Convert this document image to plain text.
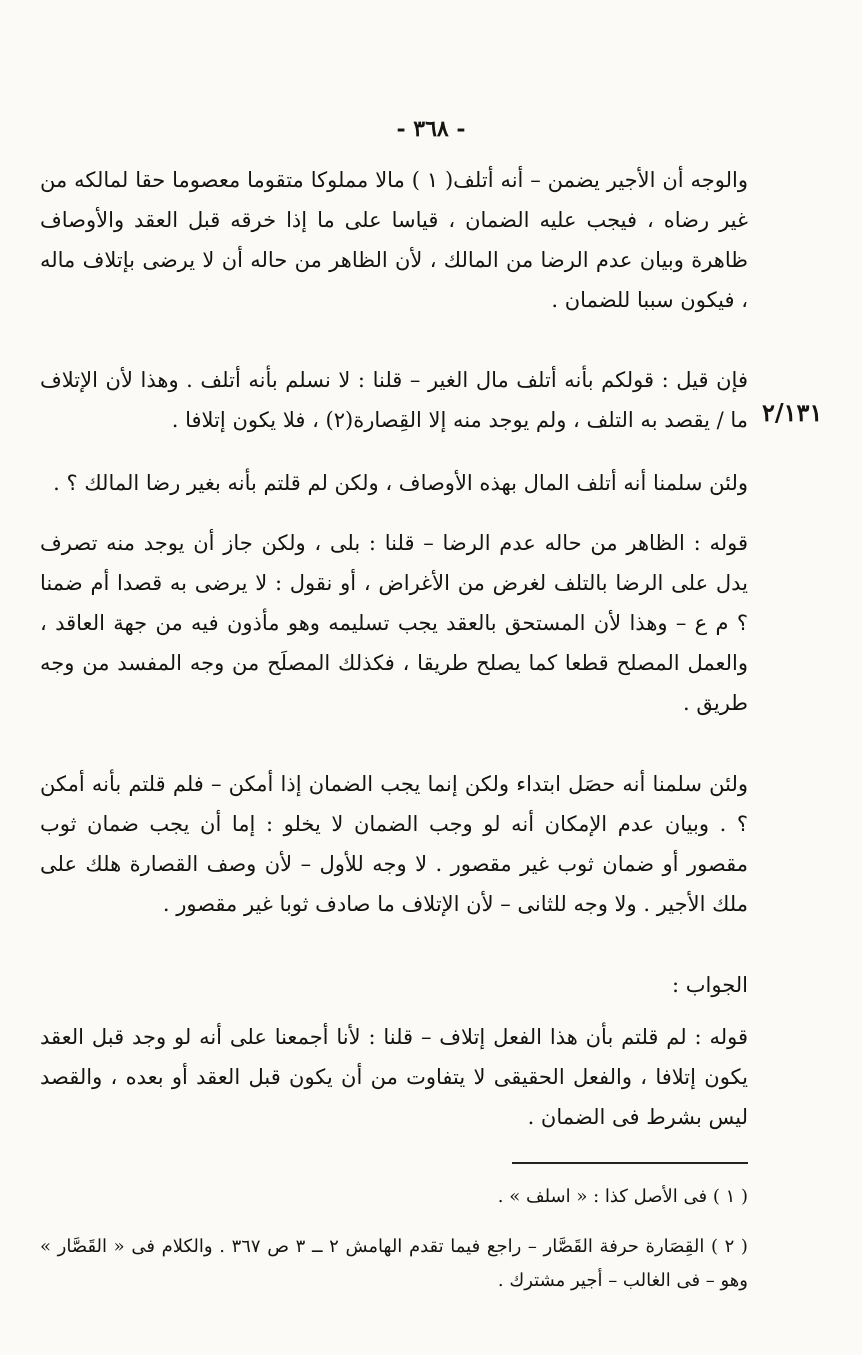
- ٣٦٨ -
٢/١٣١

والوجه أن الأجير يضمن – أنه أتلف( ١ ) مالا مملوكا متقوما معصوما حقا لمالكه من غير رضاه ، فيجب عليه الضمان ، قياسا على ما إذا خرقه قبل العقد والأوصاف ظاهرة وبيان عدم الرضا من المالك ، لأن الظاهر من حاله أن لا يرضى بإتلاف ماله ، فيكون سببا للضمان .

فإن قيل : قولكم بأنه أتلف مال الغير – قلنا : لا نسلم بأنه أتلف . وهذا لأن الإتلاف ما / يقصد به التلف ، ولم يوجد منه إلا القِصارة(٢) ، فلا يكون إتلافا .

ولئن سلمنا أنه أتلف المال بهذه الأوصاف ، ولكن لم قلتم بأنه بغير رضا المالك ؟ .

قوله : الظاهر من حاله عدم الرضا – قلنا : بلى ، ولكن جاز أن يوجد منه تصرف يدل على الرضا بالتلف لغرض من الأغراض ، أو نقول : لا يرضى به قصدا أم ضمنا ؟ م ع – وهذا لأن المستحق بالعقد يجب تسليمه وهو مأذون فيه من جهة العاقد ، والعمل المصلح قطعا كما يصلح طريقا ، فكذلك المصلَح من وجه المفسد من وجه طريق .

ولئن سلمنا أنه حصَل ابتداء ولكن إنما يجب الضمان إذا أمكن – فلم قلتم بأنه أمكن ؟ . وبيان عدم الإمكان أنه لو وجب الضمان لا يخلو : إما أن يجب ضمان ثوب مقصور أو ضمان ثوب غير مقصور . لا وجه للأول – لأن وصف القصارة هلك على ملك الأجير . ولا وجه للثانى – لأن الإتلاف ما صادف ثوبا غير مقصور .

الجواب :

قوله : لم قلتم بأن هذا الفعل إتلاف – قلنا : لأنا أجمعنا على أنه لو وجد قبل العقد يكون إتلافا ، والفعل الحقيقى لا يتفاوت من أن يكون قبل العقد أو بعده ، والقصد ليس بشرط فى الضمان .

( ١ ) فى الأصل كذا : « اسلف » .

( ٢ ) القِصَارة حرفة القَصَّار – راجع فيما تقدم الهامش ٢ ــ ٣ ص ٣٦٧ . والكلام فى « القَصَّار » وهو – فى الغالب – أجير مشترك .
